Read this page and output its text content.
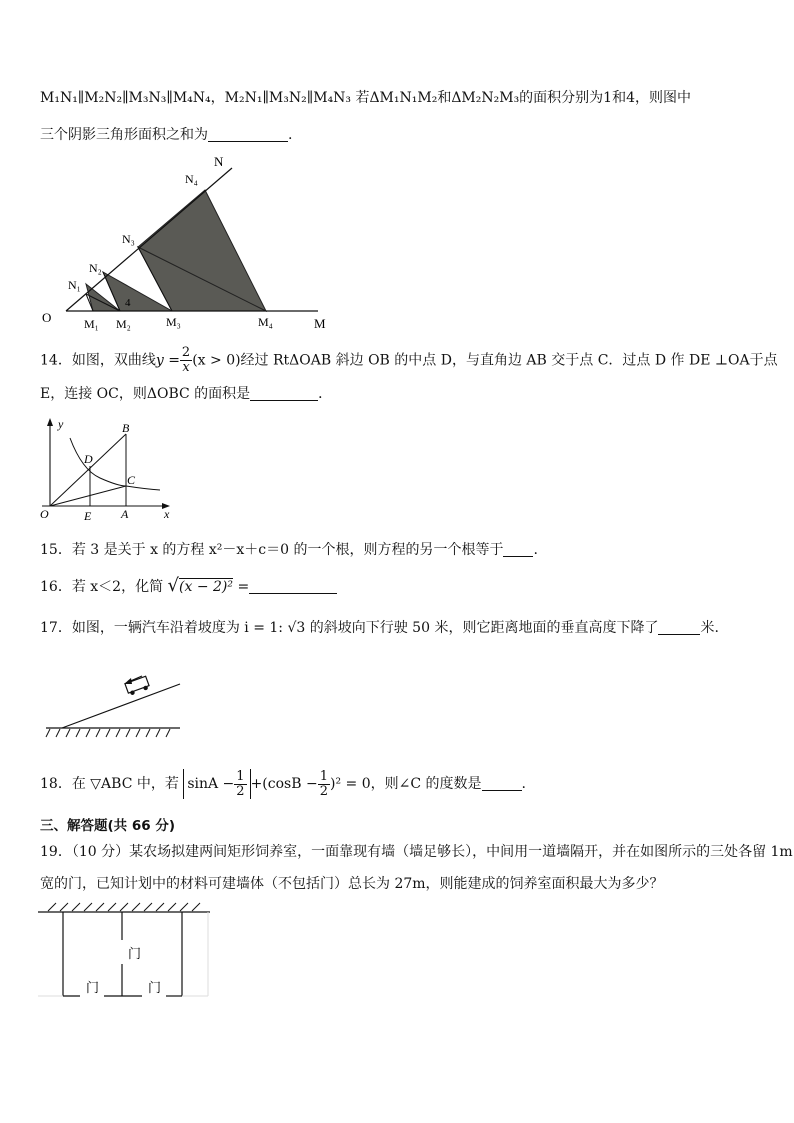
M₁N₁∥M₂N₂∥M₃N₃∥M₄N₄，M₂N₁∥M₃N₂∥M₄N₃ 若ΔM₁N₁M₂和ΔM₂N₂M₃的面积分别为1和4，则图中
三个阴影三角形面积之和为	.
O	M
N
M₁ M₂	M₃	M₄
N₁
N₂
N₃
N₄
4
14．如图，双曲线$y = \frac{2}{x} (x > 0)$经过 RtΔOAB 斜边 OB 的中点 D，与直角边 AB 交于点 C．过点 D 作 DE ⊥OA于点
E，连接 OC，则ΔOBC 的面积是	．
y
x
O	E A
B
C
D
15．若 3 是关于 x 的方程 x²－x＋c＝0 的一个根，则方程的另一个根等于 .
16．若 x＜2，化简 √(x − 2)² =
17．如图，一辆汽车沿着坡度为 i = 1: √3 的斜坡向下行驶 50 米，则它距离地面的垂直高度下降了	米.
18．在 ▽ABC 中，若 $\sin A - \frac{1}{2} +(\cos B - \frac{1}{2} )^2 = 0$，则∠C 的度数是	.
三、解答题(共 66 分)
19．（10 分）某农场拟建两间矩形饲养室，一面靠现有墙（墙足够长），中间用一道墙隔开，并在如图所示的三处各留 1m
宽的门，已知计划中的材料可建墙体（不包括门）总长为 27m，则能建成的饲养室面积最大为多少？
门
门	门
